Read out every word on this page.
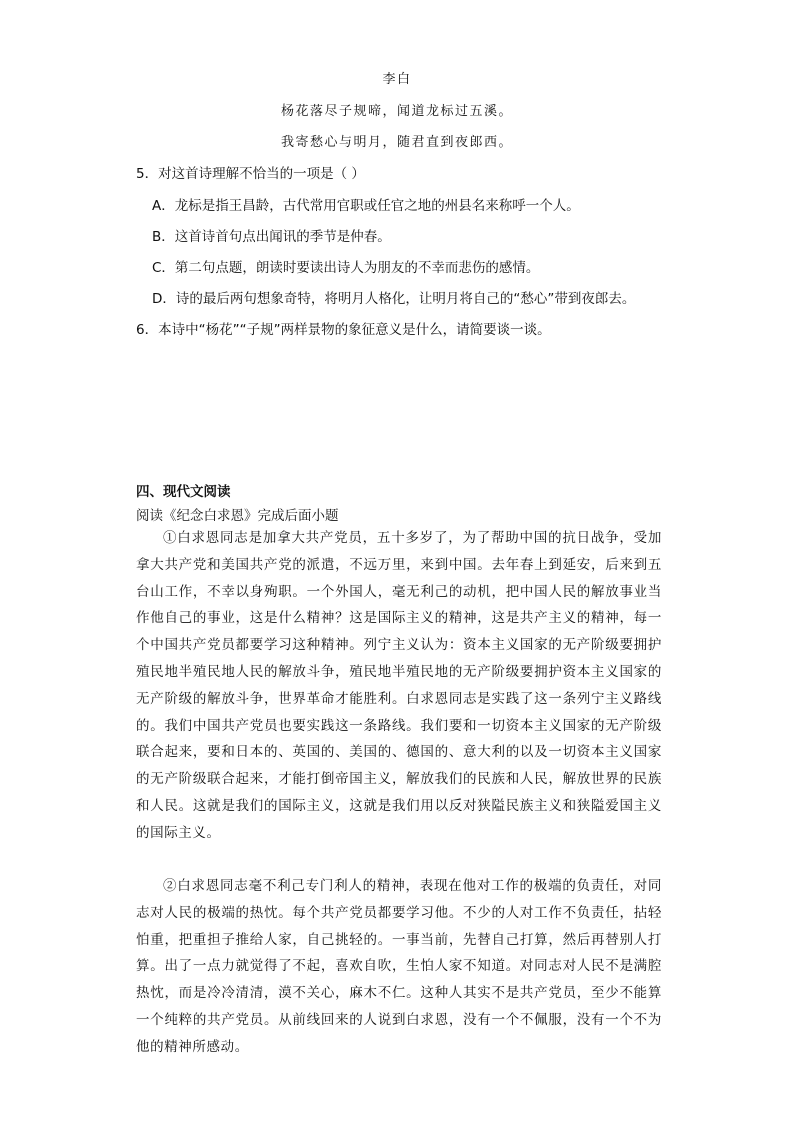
李白
杨花落尽子规啼，闻道龙标过五溪。
我寄愁心与明月，随君直到夜郎西。
5．对这首诗理解不恰当的一项是（ ）
A．龙标是指王昌龄，古代常用官职或任官之地的州县名来称呼一个人。
B．这首诗首句点出闻讯的季节是仲春。
C．第二句点题，朗读时要读出诗人为朋友的不幸而悲伤的感情。
D．诗的最后两句想象奇特，将明月人格化，让明月将自己的“愁心”带到夜郎去。
6．本诗中“杨花”“子规”两样景物的象征意义是什么，请简要谈一谈。
四、现代文阅读
阅读《纪念白求恩》完成后面小题

①白求恩同志是加拿大共产党员，五十多岁了，为了帮助中国的抗日战争，受加拿大共产党和美国共产党的派遣，不远万里，来到中国。去年春上到延安，后来到五台山工作，不幸以身殉职。一个外国人，毫无利己的动机，把中国人民的解放事业当作他自己的事业，这是什么精神？这是国际主义的精神，这是共产主义的精神，每一个中国共产党员都要学习这种精神。列宁主义认为：资本主义国家的无产阶级要拥护殖民地半殖民地人民的解放斗争，殖民地半殖民地的无产阶级要拥护资本主义国家的无产阶级的解放斗争，世界革命才能胜利。白求恩同志是实践了这一条列宁主义路线的。我们中国共产党员也要实践这一条路线。我们要和一切资本主义国家的无产阶级联合起来，要和日本的、英国的、美国的、德国的、意大利的以及一切资本主义国家的无产阶级联合起来，才能打倒帝国主义，解放我们的民族和人民，解放世界的民族和人民。这就是我们的国际主义，这就是我们用以反对狭隘民族主义和狭隘爱国主义的国际主义。

②白求恩同志毫不利己专门利人的精神，表现在他对工作的极端的负责任，对同志对人民的极端的热忱。每个共产党员都要学习他。不少的人对工作不负责任，拈轻怕重，把重担子推给人家，自己挑轻的。一事当前，先替自己打算，然后再替别人打算。出了一点力就觉得了不起，喜欢自吹，生怕人家不知道。对同志对人民不是满腔热忱，而是冷冷清清，漠不关心，麻木不仁。这种人其实不是共产党员，至少不能算一个纯粹的共产党员。从前线回来的人说到白求恩，没有一个不佩服，没有一个不为他的精神所感动。
